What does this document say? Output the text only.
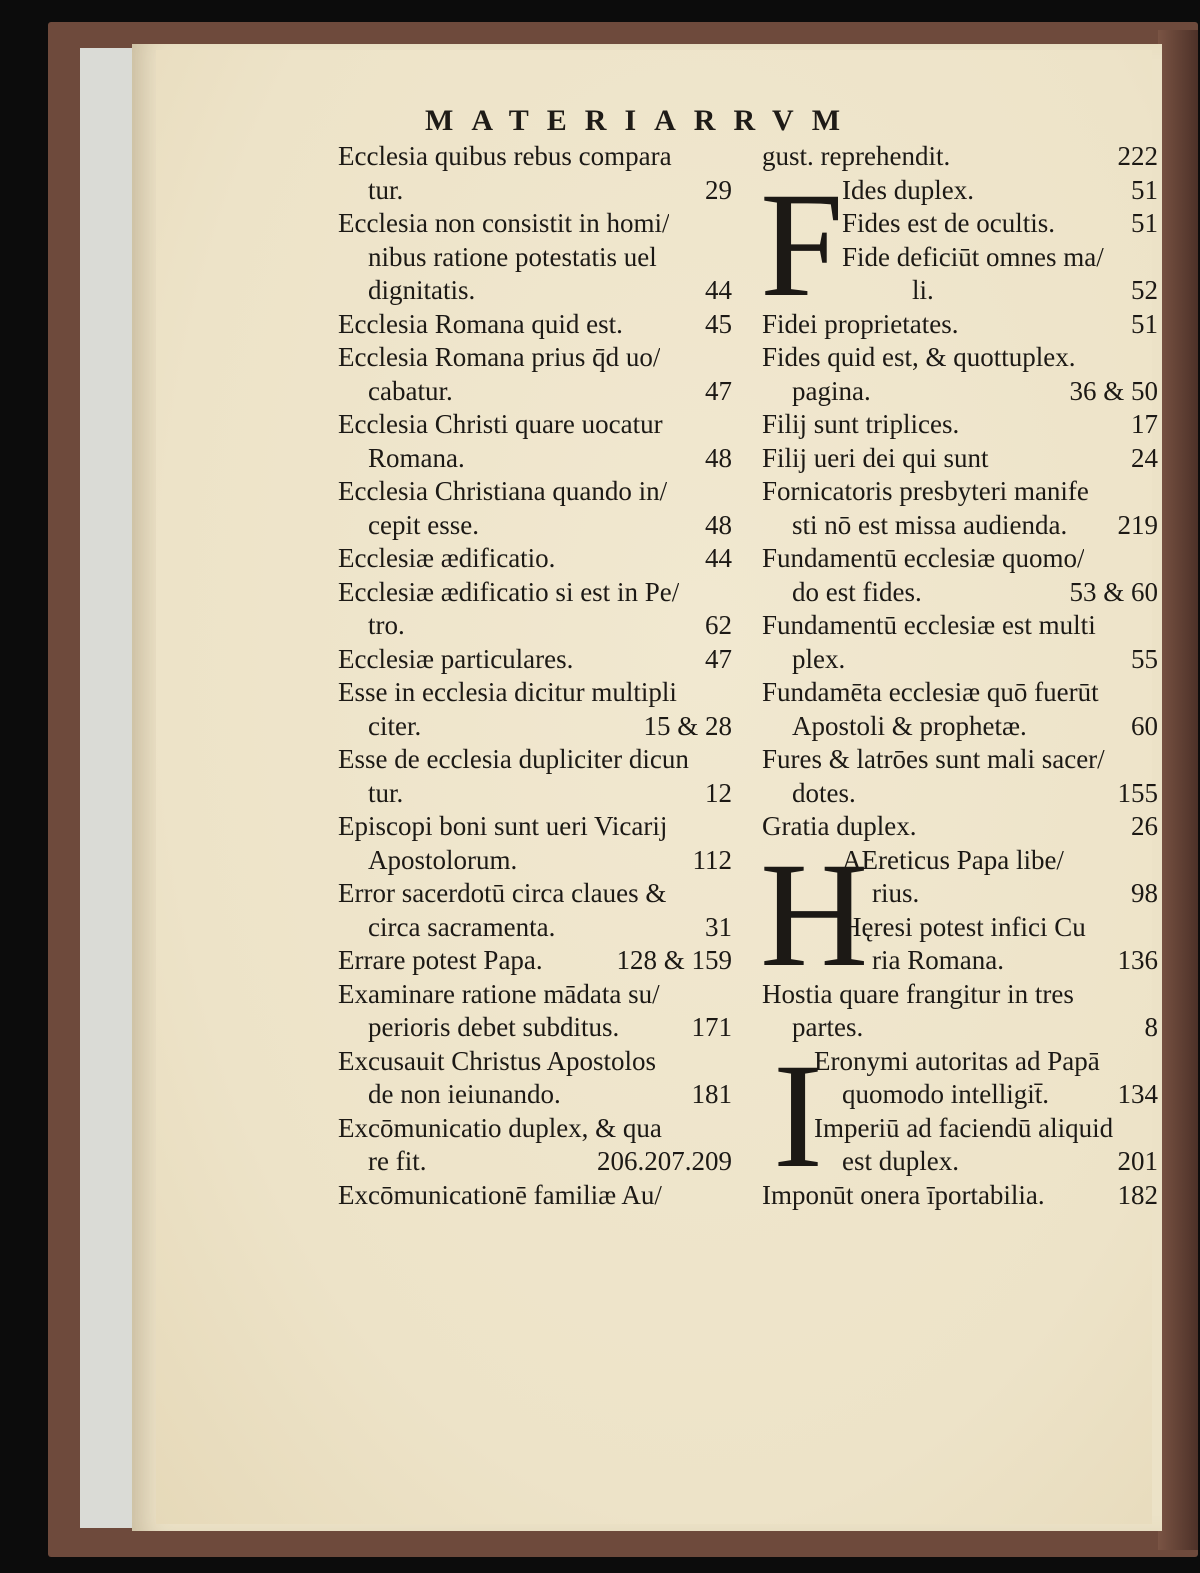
MATERIARRVM
Ecclesia quibus rebus compara
tur.	29
Ecclesia non consistit in homi/
nibus ratione potestatis uel
dignitatis.	44
Ecclesia Romana quid est.	45
Ecclesia Romana prius q̄d uo/
cabatur.	47
Ecclesia Christi quare uocatur
Romana.	48
Ecclesia Christiana quando in/
cepit esse.	48
Ecclesiæ ædificatio.	44
Ecclesiæ ædificatio si est in Pe/
tro.	62
Ecclesiæ particulares.	47
Esse in ecclesia dicitur multipli
citer.	15 & 28
Esse de ecclesia dupliciter dicun
tur.	12
Episcopi boni sunt ueri Vicarij
Apostolorum.	112
Error sacerdotū circa claues &
circa sacramenta.	31
Errare potest Papa.	128 & 159
Examinare ratione mādata su/
perioris debet subditus.	171
Excusauit Christus Apostolos
de non ieiunando.	181
Excōmunicatio duplex, & qua
re fit.	206.207.209
Excōmunicationē familiæ Au/
gust. reprehendit.	222
Ides duplex.	51
Fides est de ocultis.	51
Fide deficiūt omnes ma/
li.	52
Fidei proprietates.	51
Fides quid est, & quottuplex.
pagina.	36 & 50
Filij sunt triplices.	17
Filij ueri dei qui sunt	24
Fornicatoris presbyteri manife
sti nō est missa audienda. 219
Fundamentū ecclesiæ quomo/
do est fides.	53 & 60
Fundamentū ecclesiæ est multi
plex.	55
Fundamēta ecclesiæ quō fuerūt
Apostoli & prophetæ.	60
Fures & latrōes sunt mali sacer/
dotes.	155
Gratia duplex.	26
AEreticus Papa libe/
rius.	98
Hęresi potest infici Cu
ria Romana.	136
Hostia quare frangitur in tres
partes.	8
Eronymi autoritas ad Papā
quomodo intelligit̄.	134
Imperiū ad faciendū aliquid
est duplex.	201
Imponūt onera īportabilia.	182
F
H
I
